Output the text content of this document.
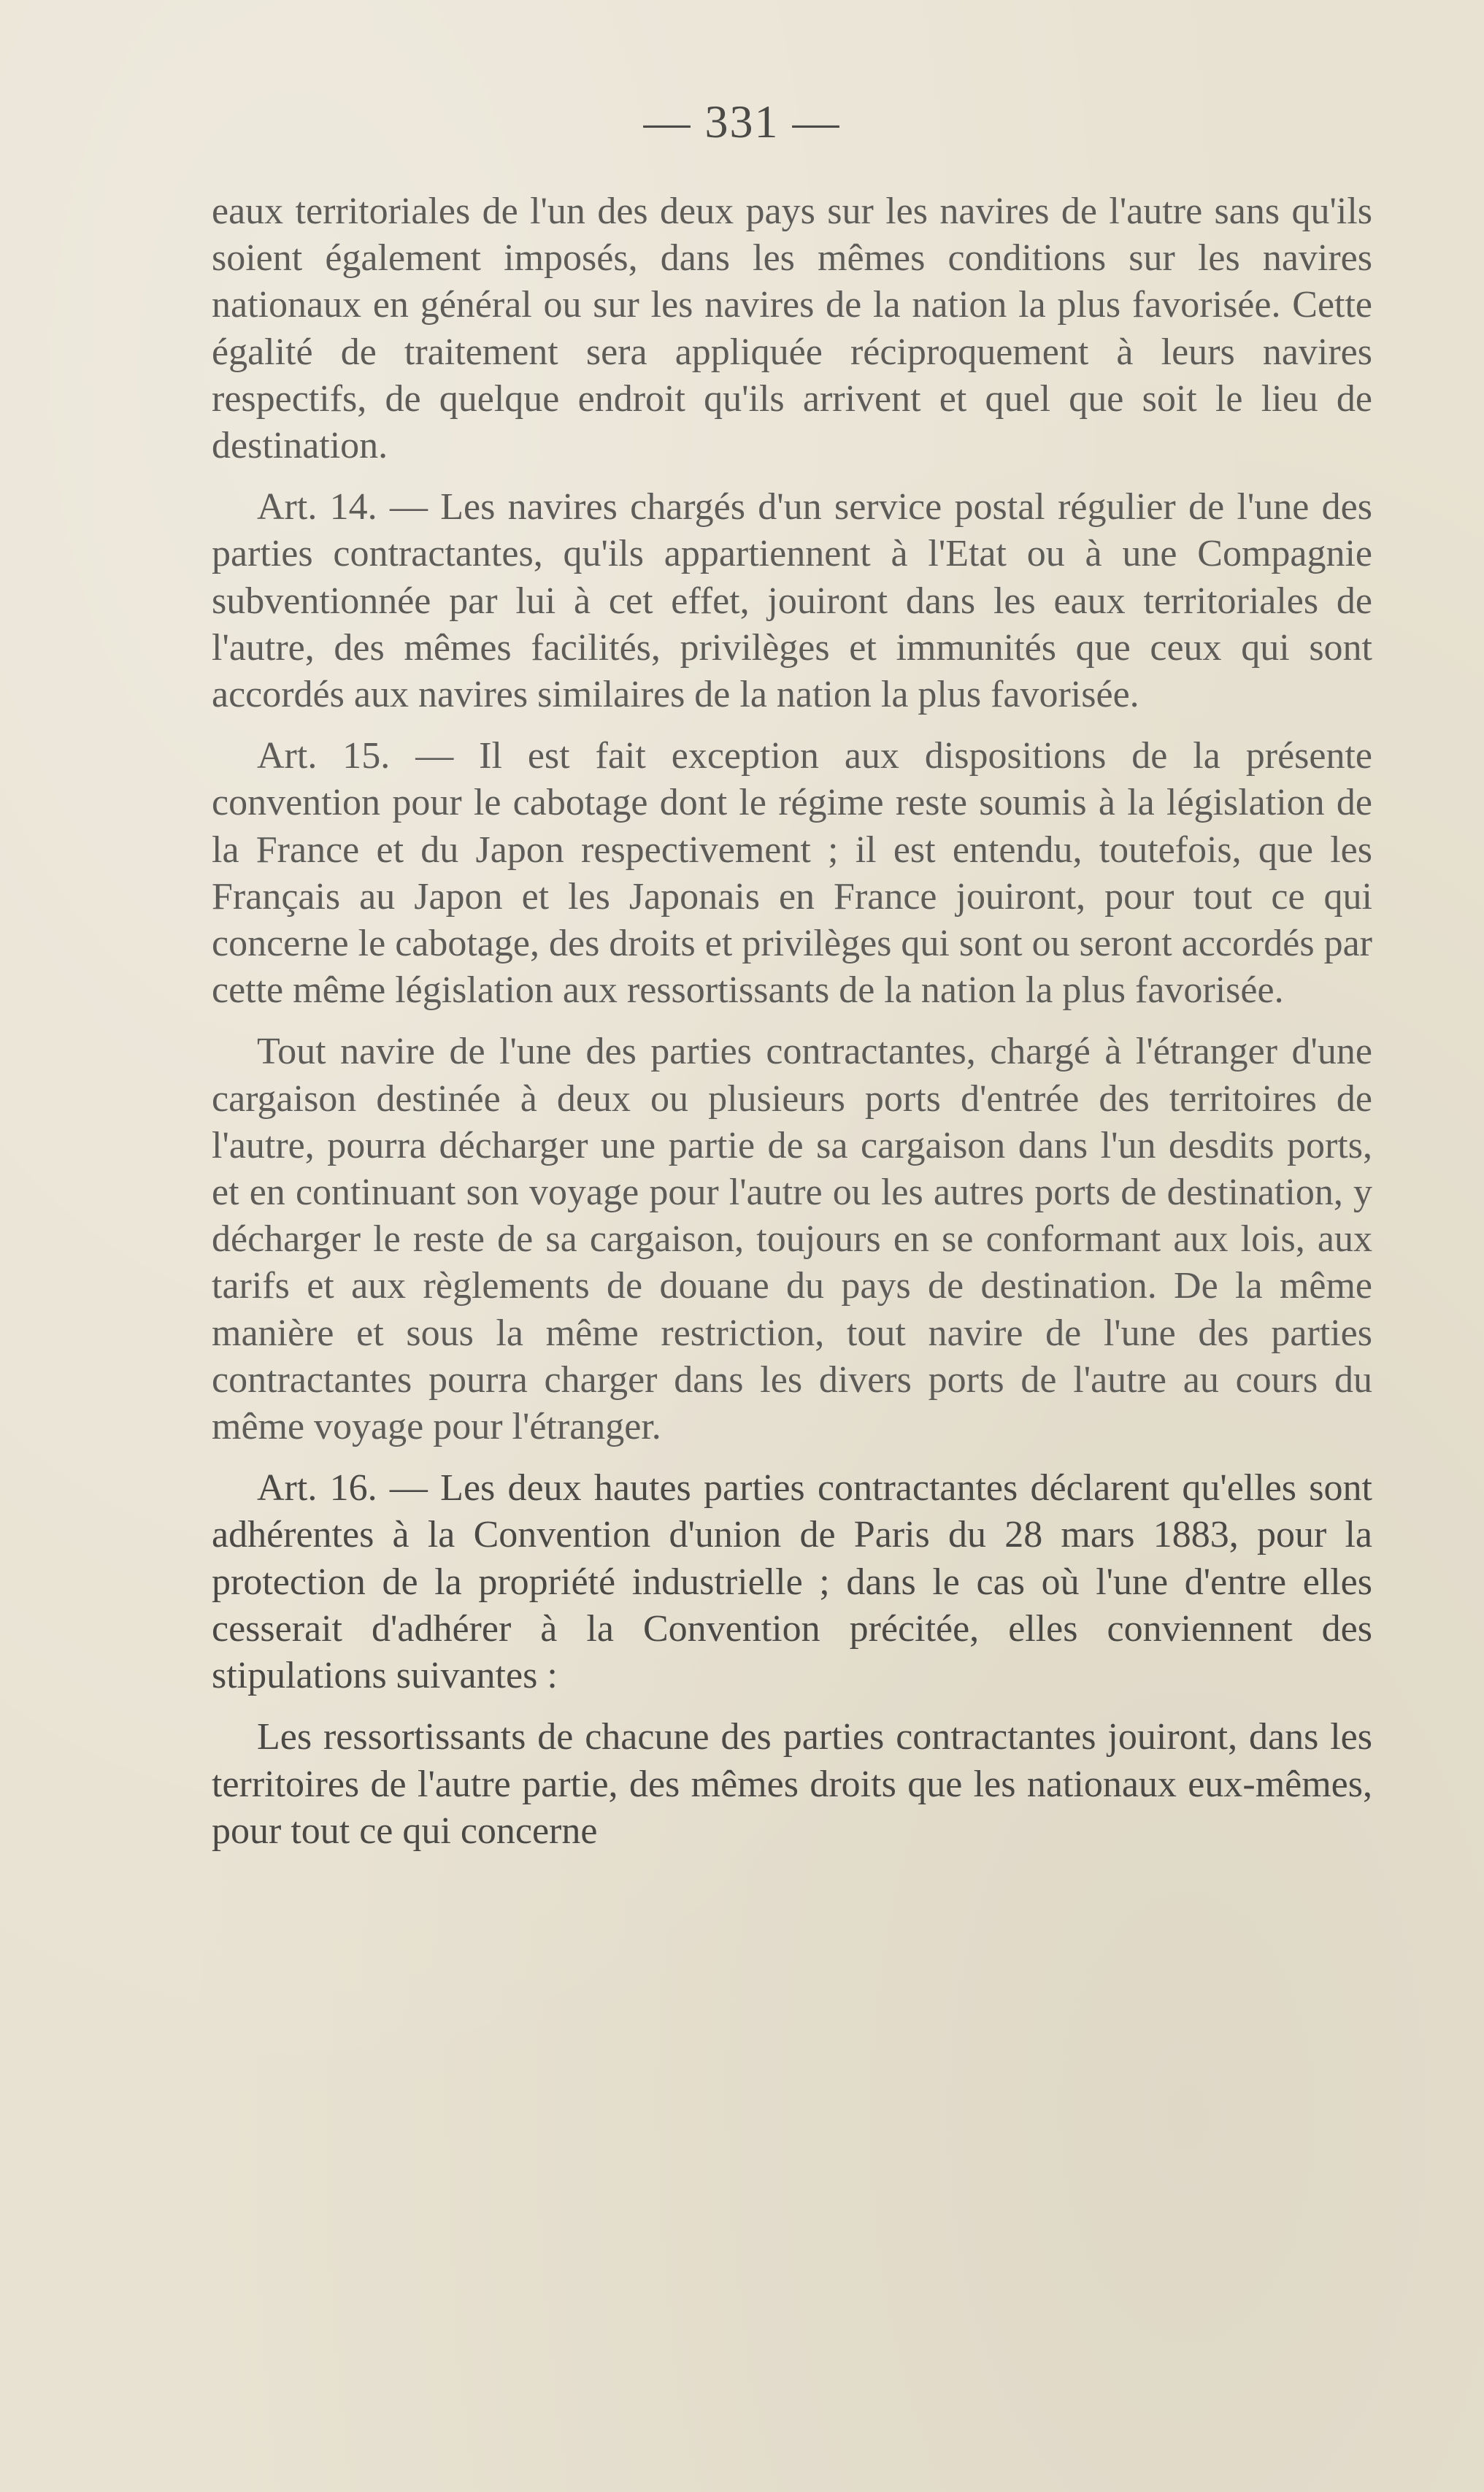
— 331 —

eaux territoriales de l'un des deux pays sur les navires de l'autre sans qu'ils soient également imposés, dans les mêmes conditions sur les navires nationaux en général ou sur les navires de la nation la plus favorisée. Cette égalité de traitement sera appliquée réciproquement à leurs navires respectifs, de quelque endroit qu'ils arrivent et quel que soit le lieu de destination.

Art. 14. — Les navires chargés d'un service postal régulier de l'une des parties contractantes, qu'ils appartiennent à l'Etat ou à une Compagnie subventionnée par lui à cet effet, jouiront dans les eaux territoriales de l'autre, des mêmes facilités, privilèges et immunités que ceux qui sont accordés aux navires similaires de la nation la plus favorisée.

Art. 15. — Il est fait exception aux dispositions de la présente convention pour le cabotage dont le régime reste soumis à la législation de la France et du Japon respectivement ; il est entendu, toutefois, que les Français au Japon et les Japonais en France jouiront, pour tout ce qui concerne le cabotage, des droits et privilèges qui sont ou seront accordés par cette même législation aux ressortissants de la nation la plus favorisée.

Tout navire de l'une des parties contractantes, chargé à l'étranger d'une cargaison destinée à deux ou plusieurs ports d'entrée des territoires de l'autre, pourra décharger une partie de sa cargaison dans l'un desdits ports, et en continuant son voyage pour l'autre ou les autres ports de destination, y décharger le reste de sa cargaison, toujours en se conformant aux lois, aux tarifs et aux règlements de douane du pays de destination. De la même manière et sous la même restriction, tout navire de l'une des parties contractantes pourra charger dans les divers ports de l'autre au cours du même voyage pour l'étranger.

Art. 16. — Les deux hautes parties contractantes déclarent qu'elles sont adhérentes à la Convention d'union de Paris du 28 mars 1883, pour la protection de la propriété industrielle ; dans le cas où l'une d'entre elles cesserait d'adhérer à la Convention précitée, elles conviennent des stipulations suivantes :

Les ressortissants de chacune des parties contractantes jouiront, dans les territoires de l'autre partie, des mêmes droits que les nationaux eux-mêmes, pour tout ce qui concerne
